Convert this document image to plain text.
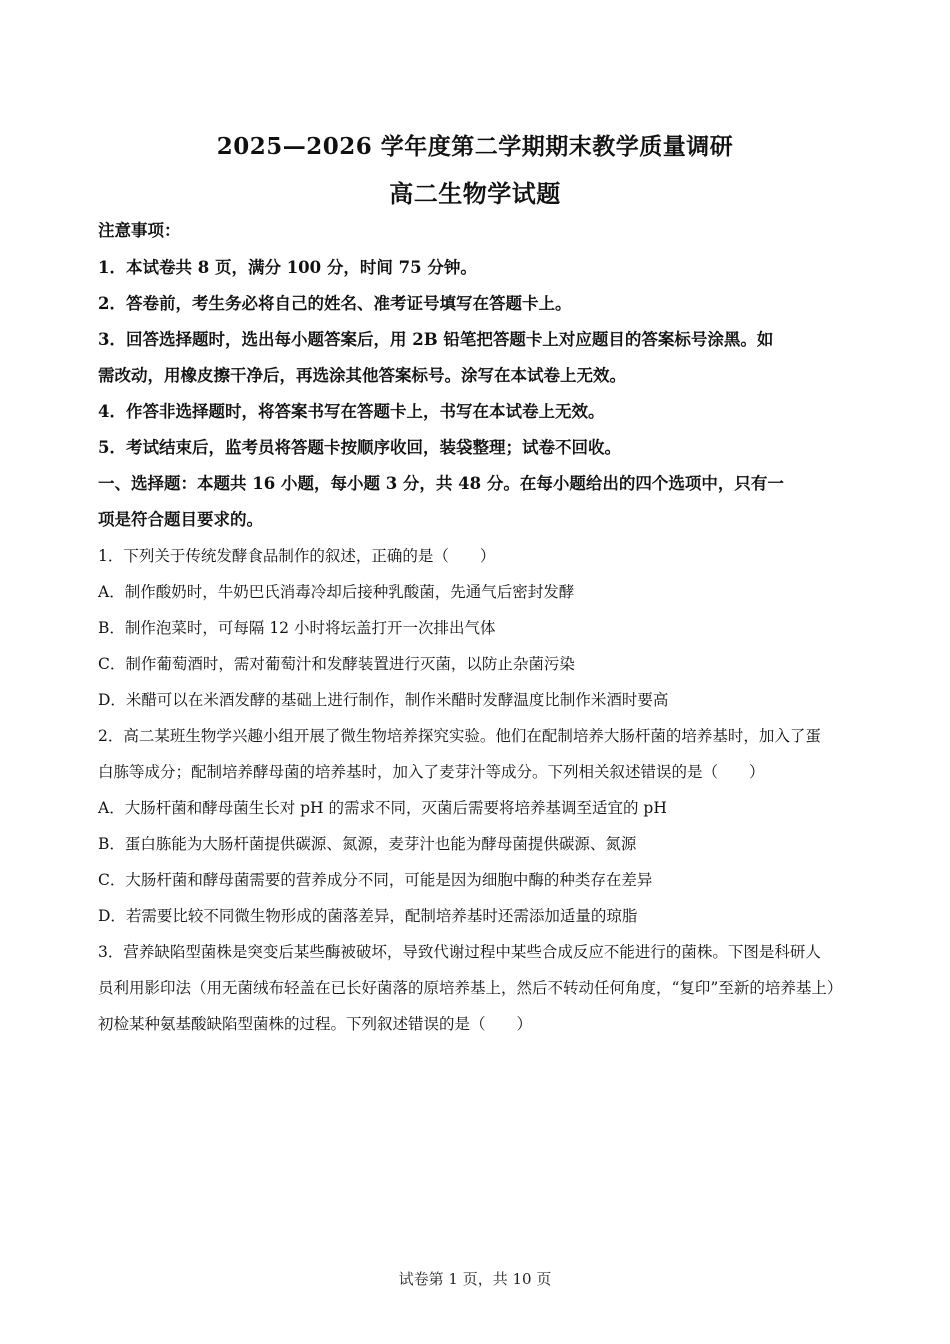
2025—2026 学年度第二学期期末教学质量调研
高二生物学试题
注意事项：
1．本试卷共 8 页，满分 100 分，时间 75 分钟。
2．答卷前，考生务必将自己的姓名、准考证号填写在答题卡上。
3．回答选择题时，选出每小题答案后，用 2B 铅笔把答题卡上对应题目的答案标号涂黑。如
需改动，用橡皮擦干净后，再选涂其他答案标号。涂写在本试卷上无效。
4．作答非选择题时，将答案书写在答题卡上，书写在本试卷上无效。
5．考试结束后，监考员将答题卡按顺序收回，装袋整理；试卷不回收。
一、选择题：本题共 16 小题，每小题 3 分，共 48 分。在每小题给出的四个选项中，只有一
项是符合题目要求的。
1．下列关于传统发酵食品制作的叙述，正确的是（　　）
A．制作酸奶时，牛奶巴氏消毒冷却后接种乳酸菌，先通气后密封发酵
B．制作泡菜时，可每隔 12 小时将坛盖打开一次排出气体
C．制作葡萄酒时，需对葡萄汁和发酵装置进行灭菌，以防止杂菌污染
D．米醋可以在米酒发酵的基础上进行制作，制作米醋时发酵温度比制作米酒时要高
2．高二某班生物学兴趣小组开展了微生物培养探究实验。他们在配制培养大肠杆菌的培养基时，加入了蛋
白胨等成分；配制培养酵母菌的培养基时，加入了麦芽汁等成分。下列相关叙述错误的是（　　）
A．大肠杆菌和酵母菌生长对 pH 的需求不同，灭菌后需要将培养基调至适宜的 pH
B．蛋白胨能为大肠杆菌提供碳源、氮源，麦芽汁也能为酵母菌提供碳源、氮源
C．大肠杆菌和酵母菌需要的营养成分不同，可能是因为细胞中酶的种类存在差异
D．若需要比较不同微生物形成的菌落差异，配制培养基时还需添加适量的琼脂
3．营养缺陷型菌株是突变后某些酶被破坏，导致代谢过程中某些合成反应不能进行的菌株。下图是科研人
员利用影印法（用无菌绒布轻盖在已长好菌落的原培养基上，然后不转动任何角度，“复印”至新的培养基上）
初检某种氨基酸缺陷型菌株的过程。下列叙述错误的是（　　）
试卷第 1 页，共 10 页
